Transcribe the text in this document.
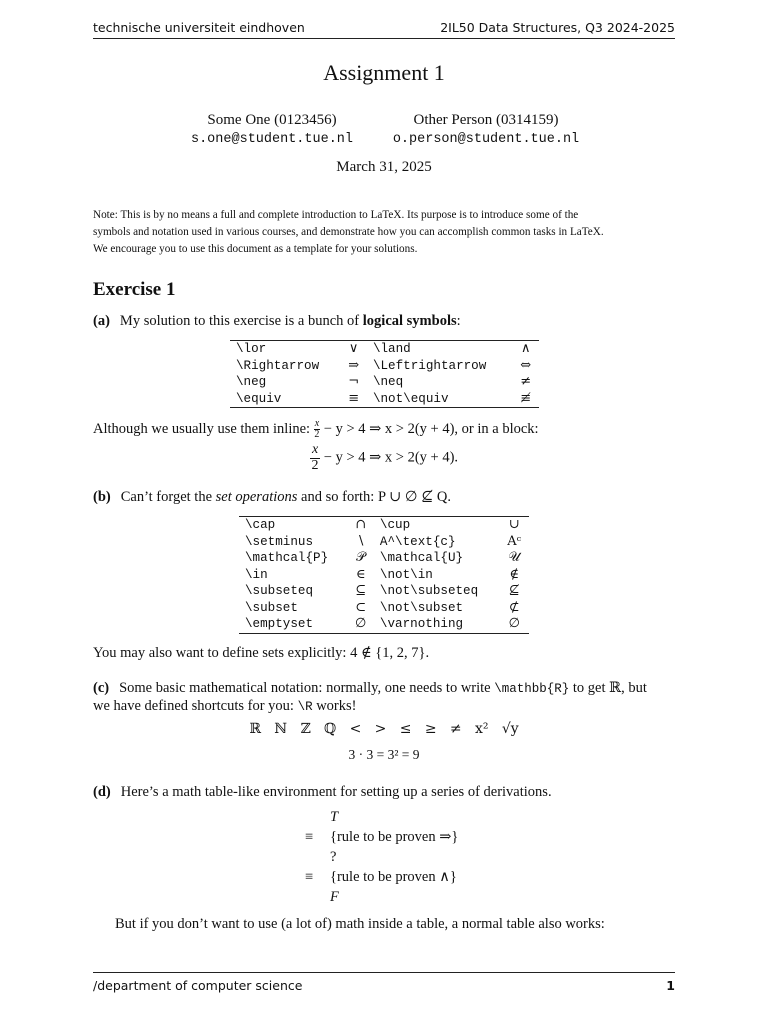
technische universiteit eindhoven	2IL50 Data Structures, Q3 2024-2025
Assignment 1
Some One (0123456)
s.one@student.tue.nl
Other Person (0314159)
o.person@student.tue.nl
March 31, 2025
Note: This is by no means a full and complete introduction to LaTeX. Its purpose is to introduce some of the
symbols and notation used in various courses, and demonstrate how you can accomplish common tasks in LaTeX.
We encourage you to use this document as a template for your solutions.
Exercise 1
(a) My solution to this exercise is a bunch of logical symbols:
\lor	∨	\land	∧
\Rightarrow	⇒	\Leftrightarrow	⇔
\neg	¬	\neq	≠
\equiv	≡	\not\equiv	≢
Although we usually use them inline: $\frac{x}{2} - y > 4$ ⇒ x > 2(y + 4), or in a block:
$\frac{x}{2} - y > 4$ ⇒ x > 2(y + 4).
(b) Can’t forget the set operations and so forth: P ∪ ∅ ⊈ Q.
\cap	∩	\cup	∪
\setminus	∖	A^\text{c}	Aᶜ
\mathcal{P}	𝒫	\mathcal{U}	𝒰
\in	∈	\not\in	∉
\subseteq	⊆	\not\subseteq	⊈
\subset	⊂	\not\subset	⊄
\emptyset	∅	\varnothing	∅
You may also want to define sets explicitly: 4 ∉ {1, 2, 7}.
(c) Some basic mathematical notation: normally, one needs to write \mathbb{R} to get ℝ, but
we have defined shortcuts for you: \R works!
ℝ   ℕ   ℤ   ℚ   <   >   ≤   ≥   ≠   x²   √y
3 · 3 = 3² = 9
(d) Here’s a math table-like environment for setting up a series of derivations.
T
≡ {rule to be proven ⇒}
?
≡ {rule to be proven ∧}
F
But if you don’t want to use (a lot of) math inside a table, a normal table also works:
/department of computer science	1
